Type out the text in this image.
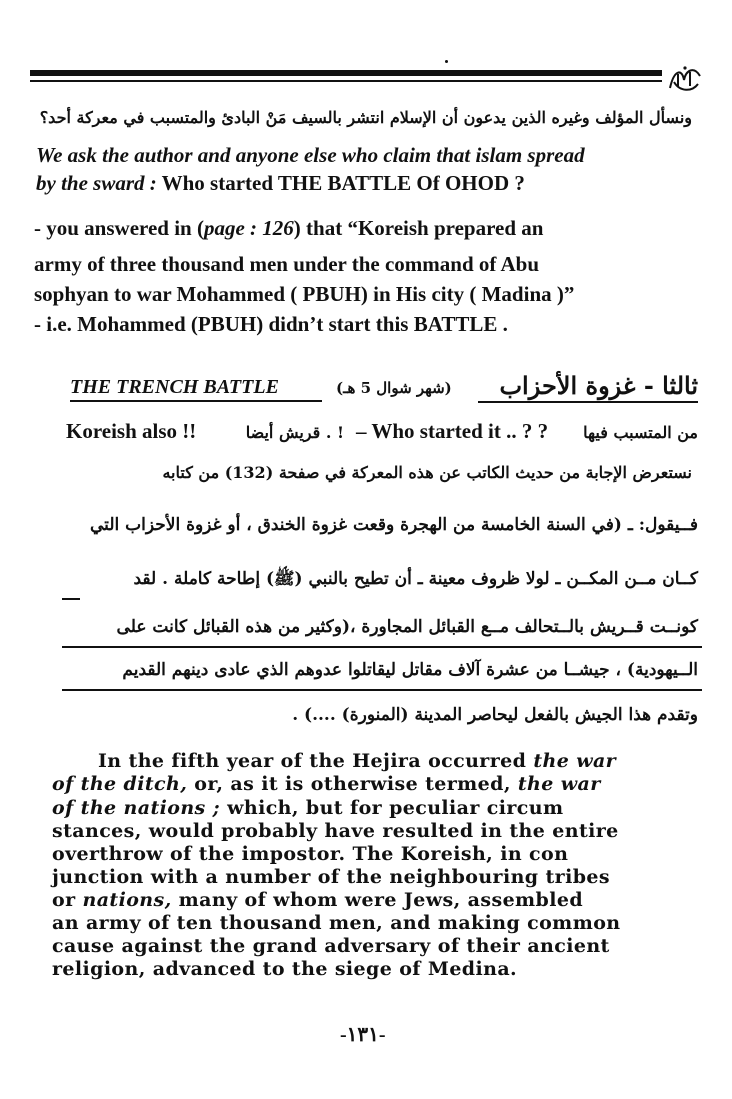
ونسأل المؤلف وغيره الذين يدعون أن الإسلام انتشر بالسيف مَنْ البادئ والمتسبب في معركة أحد؟
We ask the author and anyone else who claim that islam spread
by the sward : Who started THE BATTLE Of OHOD ?
- you answered in (page : 126) that “Koreish prepared an
army of three thousand men under the command of Abu
sophyan to war Mohammed ( PBUH) in His city ( Madina )”
- i.e. Mohammed (PBUH) didn’t start this BATTLE .
THE TRENCH BATTLE	(شهر شوال 5 هـ) ثالثا - غزوة الأحزاب
Koreish also !!	! . قريش أيضا – Who started it .. ? ? من المتسبب فيها
نستعرض الإجابة من حديث الكاتب عن هذه المعركة في صفحة (132) من كتابه
فــيقول: ـ (في السنة الخامسة من الهجرة وقعت غزوة الخندق ، أو غزوة الأحزاب التي
كــان مــن المكــن ـ لولا ظروف معينة ـ أن تطيح بالنبي (ﷺ) إطاحة كاملة . لقد
كونــت قــريش بالــتحالف مــع القبائل المجاورة ،(وكثير من هذه القبائل كانت على
الــيهودية) ، جيشــا من عشرة آلاف مقاتل ليقاتلوا عدوهم الذي عادى دينهم القديم
وتقدم هذا الجيش بالفعل ليحاصر المدينة (المنورة) ....) .
In the fifth year of the Hejira occurred the war
of the ditch, or, as it is otherwise termed, the war
of the nations ; which, but for peculiar circum
stances, would probably have resulted in the entire
overthrow of the impostor. The Koreish, in con
junction with a number of the neighbouring tribes
or nations, many of whom were Jews, assembled
an army of ten thousand men, and making common
cause against the grand adversary of their ancient
religion, advanced to the siege of Medina.
-١٣١-
